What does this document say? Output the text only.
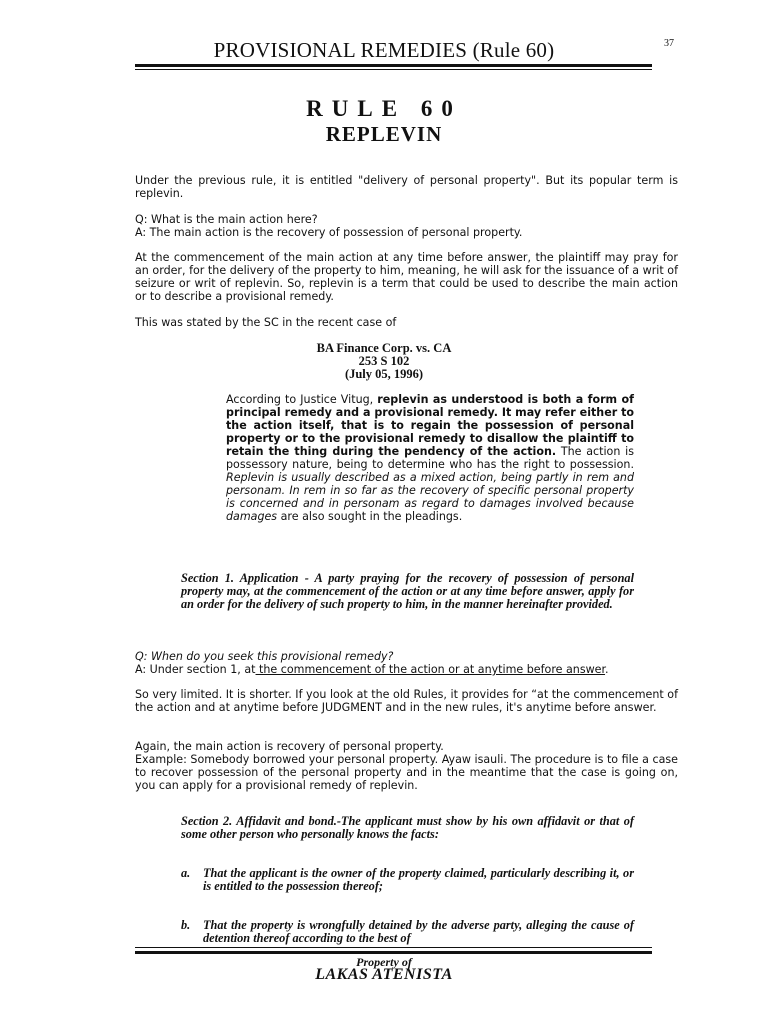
PROVISIONAL REMEDIES (Rule 60)	37
RULE 60
REPLEVIN
Under the previous rule, it is entitled "delivery of personal property". But its popular term is replevin.
Q: What is the main action here?
A: The main action is the recovery of possession of personal property.
At the commencement of the main action at any time before answer, the plaintiff may pray for an order, for the delivery of the property to him, meaning, he will ask for the issuance of a writ of seizure or writ of replevin. So, replevin is a term that could be used to describe the main action or to describe a provisional remedy.
This was stated by the SC in the recent case of
BA Finance Corp. vs. CA
253 S 102
(July 05, 1996)
According to Justice Vitug, replevin as understood is both a form of principal remedy and a provisional remedy. It may refer either to the action itself, that is to regain the possession of personal property or to the provisional remedy to disallow the plaintiff to retain the thing during the pendency of the action. The action is possessory nature, being to determine who has the right to possession. Replevin is usually described as a mixed action, being partly in rem and personam. In rem in so far as the recovery of specific personal property is concerned and in personam as regard to damages involved because damages are also sought in the pleadings.
Section 1. Application - A party praying for the recovery of possession of personal property may, at the commencement of the action or at any time before answer, apply for an order for the delivery of such property to him, in the manner hereinafter provided.
Q: When do you seek this provisional remedy?
A: Under section 1, at the commencement of the action or at anytime before answer.
So very limited. It is shorter. If you look at the old Rules, it provides for “at the commencement of the action and at anytime before JUDGMENT and in the new rules, it's anytime before answer.
Again, the main action is recovery of personal property.
Example: Somebody borrowed your personal property. Ayaw isauli. The procedure is to file a case to recover possession of the personal property and in the meantime that the case is going on, you can apply for a provisional remedy of replevin.
Section 2. Affidavit and bond.-The applicant must show by his own affidavit or that of some other person who personally knows the facts:
a. That the applicant is the owner of the property claimed, particularly describing it, or is entitled to the possession thereof;
b. That the property is wrongfully detained by the adverse party, alleging the cause of detention thereof according to the best of
Property of
LAKAS ATENISTA
